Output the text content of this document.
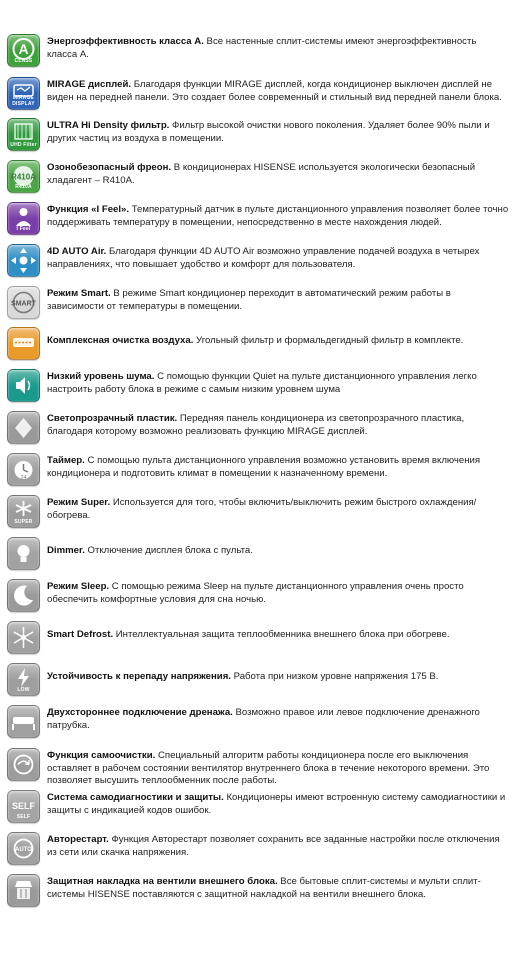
A
CLASS
Энергоэффективность класса A. Все настенные сплит-системы имеют энергоэффективность класса A.
MIRAGE DISPLAY
MIRAGE дисплей. Благодаря функции MIRAGE дисплей, когда кондиционер выключен дисплей не виден на передней панели. Это создает более современный и стильный вид передней панели блока.
UHD Filter
ULTRA Hi Density фильтр. Фильтр высокой очистки нового поколения. Удаляет более 90% пыли и других частиц из воздуха в помещении.
R410A
R410A
Озонобезопасный фреон. В кондиционерах HISENSE используется экологически безопасный хладагент – R410A.
I Feel
Функция «I Feel». Температурный датчик в пульте дистанционного управления позволяет более точно поддерживать температуру в помещении, непосредственно в месте нахождения людей.
4D AUTO Air. Благодаря функции 4D AUTO Air возможно управление подачей воздуха в четырех направлениях, что повышает удобство и комфорт для пользователя.
SMART
Режим Smart. В режиме Smart кондиционер переходит в автоматический режим работы в зависимости от температуры в помещении.
Комплексная очистка воздуха. Угольный фильтр и формальдегидный фильтр в комплекте.
Низкий уровень шума. С помощью функции Quiet на пульте дистанционного управления легко настроить работу блока в режиме с самым низким уровнем шума
Светопрозрачный пластик. Передняя панель кондиционера из светопрозрачного пластика, благодаря которому возможно реализовать функцию MIRAGE дисплей.
24
Таймер. С помощью пульта дистанционного управления возможно установить время включения кондиционера и подготовить климат в помещении к назначенному времени.
SUPER
Режим Super. Используется для того, чтобы включить/выключить режим быстрого охлаждения/обогрева.
Dimmer. Отключение дисплея блока с пульта.
Режим Sleep. С помощью режима Sleep на пульте дистанционного управления очень просто обеспечить комфортные условия для сна ночью.
Smart Defrost. Интеллектуальная защита теплообменника внешнего блока при обогреве.
LOW
Устойчивость к перепаду напряжения. Работа при низком уровне напряжения 175 В.
Двухстороннее подключение дренажа. Возможно правое или левое подключение дренажного патрубка.
Функция самоочистки. Специальный алгоритм работы кондиционера после его выключения оставляет в рабочем состоянии вентилятор внутреннего блока в течение некоторого времени. Это позволяет высушить теплообменник после работы.
SELF
SELF
Система самодиагностики и защиты. Кондиционеры имеют встроенную систему самодиагностики и защиты с индикацией кодов ошибок.
AUTO
Авторестарт. Функция Авторестарт позволяет сохранить все заданные настройки после отключения из сети или скачка напряжения.
Защитная накладка на вентили внешнего блока. Все бытовые сплит-системы и мульти сплит-системы HISENSE поставляются с защитной накладкой на вентили внешнего блока.
